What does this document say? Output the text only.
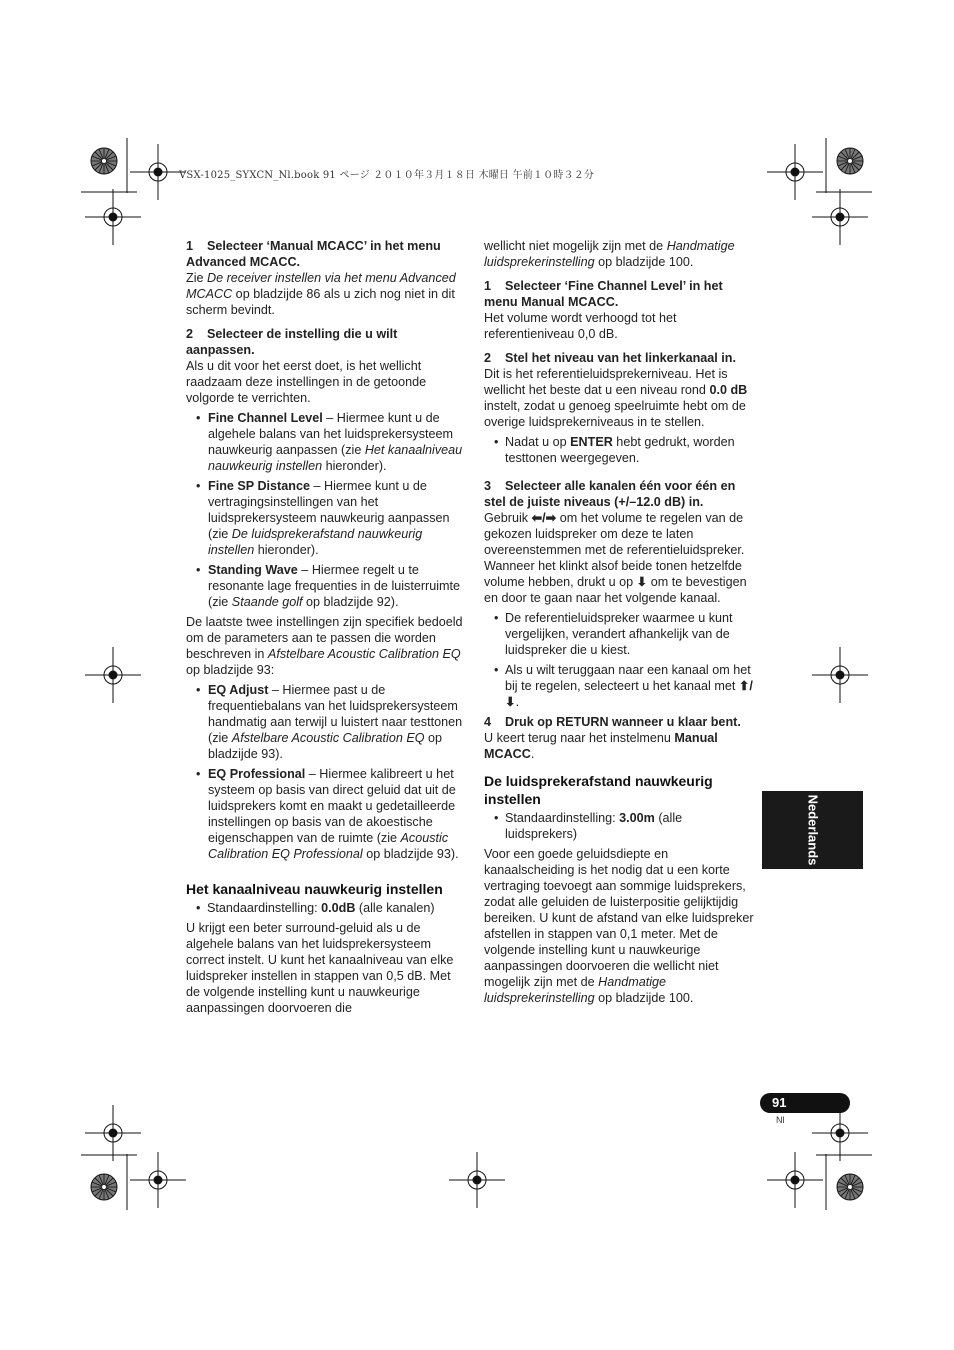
VSX-1025_SYXCN_Nl.book 91 ページ ２０１０年３月１８日 木曜日 午前１０時３２分

1 Selecteer ‘Manual MCACC’ in het menu Advanced MCACC.

Zie De receiver instellen via het menu Advanced MCACC op bladzijde 86 als u zich nog niet in dit scherm bevindt.

2 Selecteer de instelling die u wilt aanpassen.

Als u dit voor het eerst doet, is het wellicht raadzaam deze instellingen in de getoonde volgorde te verrichten.

• Fine Channel Level – Hiermee kunt u de algehele balans van het luidsprekersysteem nauwkeurig aanpassen (zie Het kanaalniveau nauwkeurig instellen hieronder).
• Fine SP Distance – Hiermee kunt u de vertragingsinstellingen van het luidsprekersysteem nauwkeurig aanpassen (zie De luidsprekerafstand nauwkeurig instellen hieronder).
• Standing Wave – Hiermee regelt u te resonante lage frequenties in de luisterruimte (zie Staande golf op bladzijde 92).

De laatste twee instellingen zijn specifiek bedoeld om de parameters aan te passen die worden beschreven in Afstelbare Acoustic Calibration EQ op bladzijde 93:

• EQ Adjust – Hiermee past u de frequentiebalans van het luidsprekersysteem handmatig aan terwijl u luistert naar testtonen (zie Afstelbare Acoustic Calibration EQ op bladzijde 93).
• EQ Professional – Hiermee kalibreert u het systeem op basis van direct geluid dat uit de luidsprekers komt en maakt u gedetailleerde instellingen op basis van de akoestische eigenschappen van de ruimte (zie Acoustic Calibration EQ Professional op bladzijde 93).
Het kanaalniveau nauwkeurig instellen
• Standaardinstelling: 0.0dB (alle kanalen)

U krijgt een beter surround-geluid als u de algehele balans van het luidsprekersysteem correct instelt. U kunt het kanaalniveau van elke luidspreker instellen in stappen van 0,5 dB. Met de volgende instelling kunt u nauwkeurige aanpassingen doorvoeren die

wellicht niet mogelijk zijn met de Handmatige luidsprekerinstelling op bladzijde 100.

1 Selecteer ‘Fine Channel Level’ in het menu Manual MCACC.

Het volume wordt verhoogd tot het referentieniveau 0,0 dB.

2 Stel het niveau van het linkerkanaal in.

Dit is het referentieluidsprekerniveau. Het is wellicht het beste dat u een niveau rond 0.0 dB instelt, zodat u genoeg speelruimte hebt om de overige luidsprekerniveaus in te stellen.

• Nadat u op ENTER hebt gedrukt, worden testtonen weergegeven.

3 Selecteer alle kanalen één voor één en stel de juiste niveaus (+/–12.0 dB) in.

Gebruik ⬅/➡ om het volume te regelen van de gekozen luidspreker om deze te laten overeenstemmen met de referentieluidspreker. Wanneer het klinkt alsof beide tonen hetzelfde volume hebben, drukt u op ⬇ om te bevestigen en door te gaan naar het volgende kanaal.

• De referentieluidspreker waarmee u kunt vergelijken, verandert afhankelijk van de luidspreker die u kiest.
• Als u wilt teruggaan naar een kanaal om het bij te regelen, selecteert u het kanaal met ⬆/⬇.

4 Druk op RETURN wanneer u klaar bent.

U keert terug naar het instelmenu Manual MCACC.

De luidsprekerafstand nauwkeurig instellen
• Standaardinstelling: 3.00m (alle luidsprekers)

Voor een goede geluidsdiepte en kanaalscheiding is het nodig dat u een korte vertraging toevoegt aan sommige luidsprekers, zodat alle geluiden de luisterpositie gelijktijdig bereiken. U kunt de afstand van elke luidspreker afstellen in stappen van 0,1 meter. Met de volgende instelling kunt u nauwkeurige aanpassingen doorvoeren die wellicht niet mogelijk zijn met de Handmatige luidsprekerinstelling op bladzijde 100.

Nederlands
91
Nl
